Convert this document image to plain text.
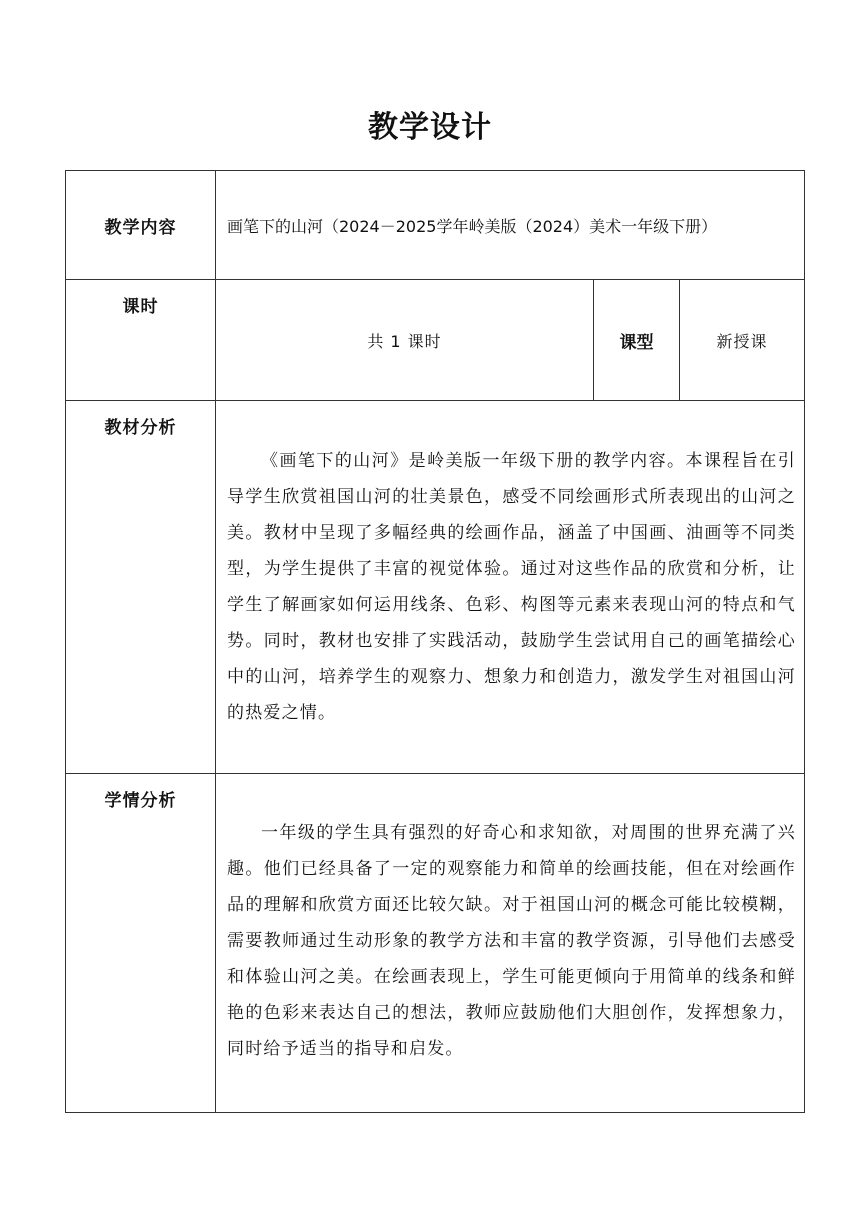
教学设计
教学内容	画笔下的山河（2024－2025学年岭美版（2024）美术一年级下册）		
课时	共 1 课时	课型	新授课
教材分析	《画笔下的山河》是岭美版一年级下册的教学内容。本课程旨在引导学生欣赏祖国山河的壮美景色，感受不同绘画形式所表现出的山河之美。教材中呈现了多幅经典的绘画作品，涵盖了中国画、油画等不同类型，为学生提供了丰富的视觉体验。通过对这些作品的欣赏和分析，让学生了解画家如何运用线条、色彩、构图等元素来表现山河的特点和气势。同时，教材也安排了实践活动，鼓励学生尝试用自己的画笔描绘心中的山河，培养学生的观察力、想象力和创造力，激发学生对祖国山河的热爱之情。		

学情分析	一年级的学生具有强烈的好奇心和求知欲，对周围的世界充满了兴趣。他们已经具备了一定的观察能力和简单的绘画技能，但在对绘画作品的理解和欣赏方面还比较欠缺。对于祖国山河的概念可能比较模糊，需要教师通过生动形象的教学方法和丰富的教学资源，引导他们去感受和体验山河之美。在绘画表现上，学生可能更倾向于用简单的线条和鲜艳的色彩来表达自己的想法，教师应鼓励他们大胆创作，发挥想象力，同时给予适当的指导和启发。		
